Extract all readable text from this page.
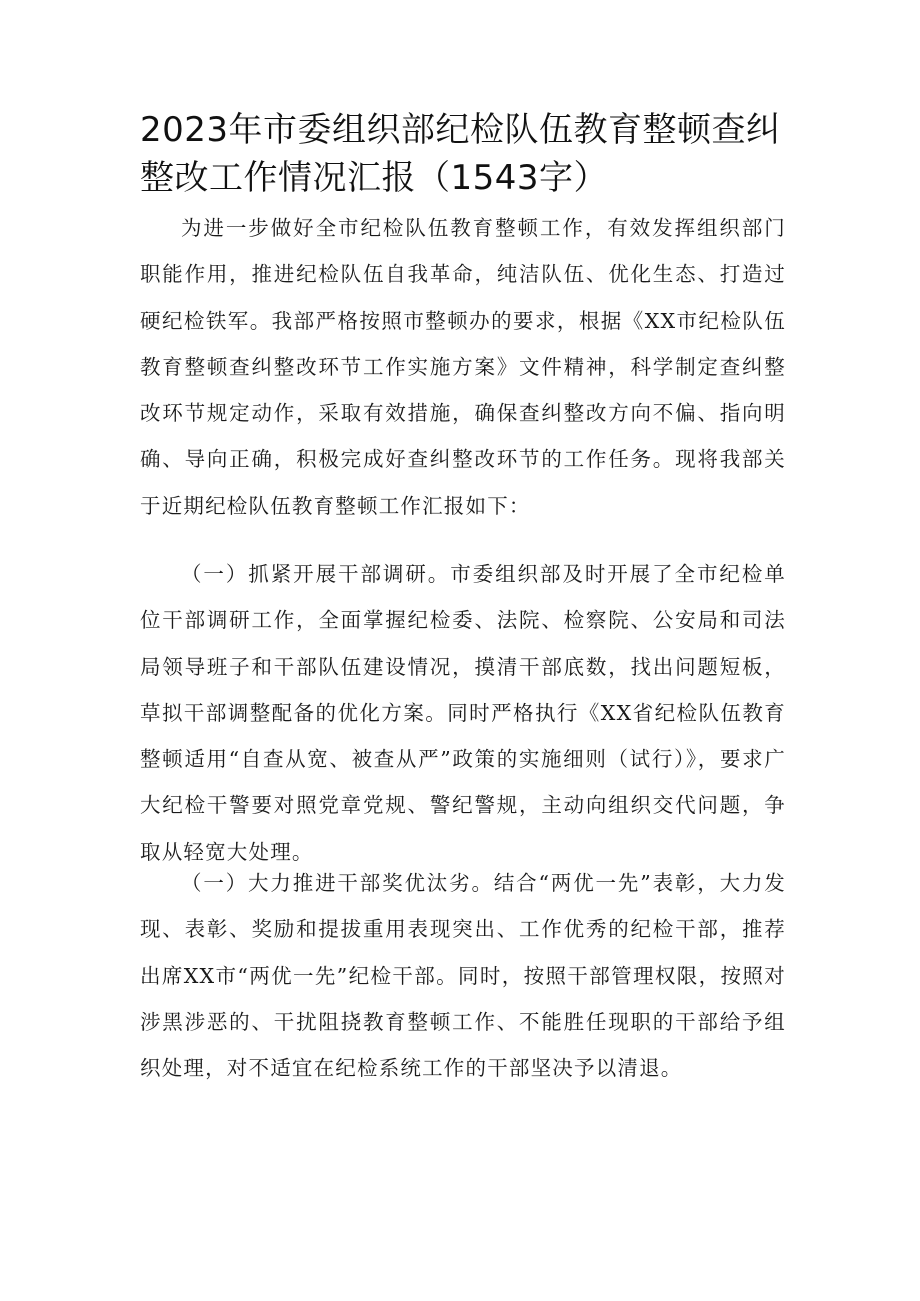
2023年市委组织部纪检队伍教育整顿查纠整改工作情况汇报（1543字）

为进一步做好全市纪检队伍教育整顿工作，有效发挥组织部门职能作用，推进纪检队伍自我革命，纯洁队伍、优化生态、打造过硬纪检铁军。我部严格按照市整顿办的要求，根据《XX市纪检队伍教育整顿查纠整改环节工作实施方案》文件精神，科学制定查纠整改环节规定动作，采取有效措施，确保查纠整改方向不偏、指向明确、导向正确，积极完成好查纠整改环节的工作任务。现将我部关于近期纪检队伍教育整顿工作汇报如下：

（一）抓紧开展干部调研。市委组织部及时开展了全市纪检单位干部调研工作，全面掌握纪检委、法院、检察院、公安局和司法局领导班子和干部队伍建设情况，摸清干部底数，找出问题短板，草拟干部调整配备的优化方案。同时严格执行《XX省纪检队伍教育整顿适用“自查从宽、被查从严”政策的实施细则（试行）》，要求广大纪检干警要对照党章党规、警纪警规，主动向组织交代问题，争取从轻宽大处理。

（一）大力推进干部奖优汰劣。结合“两优一先”表彰，大力发现、表彰、奖励和提拔重用表现突出、工作优秀的纪检干部，推荐出席XX市“两优一先”纪检干部。同时，按照干部管理权限，按照对涉黑涉恶的、干扰阻挠教育整顿工作、不能胜任现职的干部给予组织处理，对不适宜在纪检系统工作的干部坚决予以清退。
